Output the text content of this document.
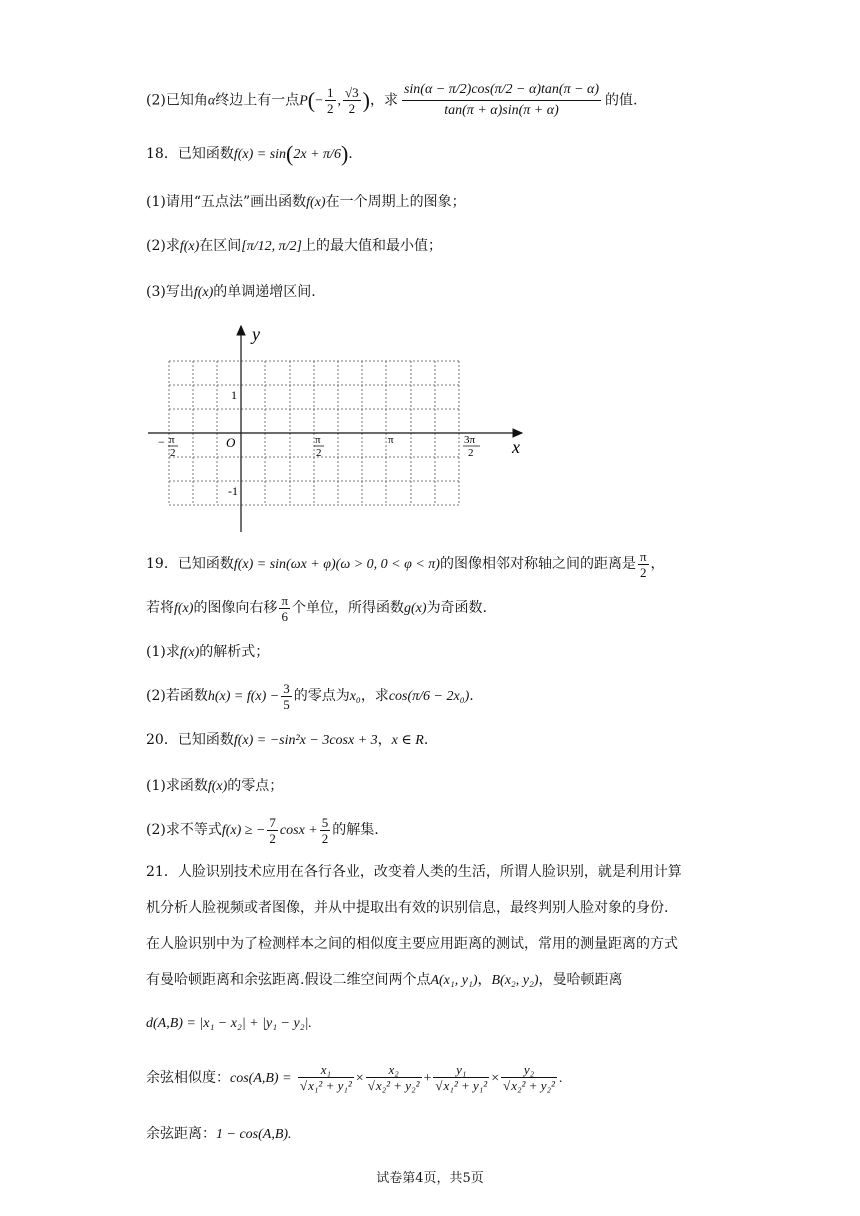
(2)已知角α终边上有一点$P(- \frac{1}{2}$ , $\frac{√3}{2}$ )，求 $\frac{\sin(\alpha - \pi/2)\cos(\pi/2 - \alpha)\tan(\pi - \alpha)}{\tan(\pi + \alpha)\sin(\pi + \alpha)}$ 的值.
18．已知函数f(x) = sin(2x + π/6).
(1)请用“五点法”画出函数f(x)在一个周期上的图象；
(2)求f(x)在区间[π/12, π/2]上的最大值和最小值；
(3)写出f(x)的单调递增区间.
y
x
O
1
-1
− π
2
π
2
π	3π
2
19．已知函数f(x) = sin(ωx + φ)(ω > 0, 0 < φ < π)的图像相邻对称轴之间的距离是 $\frac{\pi}{2}$ ，
若将f(x)的图像向右移 $\frac{\pi}{6}$ 个单位，所得函数g(x)为奇函数.
(1)求f(x)的解析式；
(2)若函数$h(x) = f(x) - \frac{3}{5}$ 的零点为x₀，求cos(π/6 − 2x₀).
20．已知函数f(x) = −sin²x − 3cosx + 3，x ∈ R.
(1)求函数f(x)的零点；
(2)求不等式f(x) ≥ − $\frac{7}{2}$ $\cos x + \frac{5}{2}$ 的解集.
21．人脸识别技术应用在各行各业，改变着人类的生活，所谓人脸识别，就是利用计算
机分析人脸视频或者图像，并从中提取出有效的识别信息，最终判别人脸对象的身份.
在人脸识别中为了检测样本之间的相似度主要应用距离的测试，常用的测量距离的方式
有曼哈顿距离和余弦距离.假设二维空间两个点A(x₁, y₁)，B(x₂, y₂)，曼哈顿距离
d(A,B) = |x₁ − x₂| + |y₁ − y₂|.
余弦相似度：$\cos(A,B) = \frac{\text{x₁}}{\text{√x₁² + y₁²}} \times \frac{\text{x₂}}{\text{√x₂² + y₂²}} + \frac{\text{y₁}}{\text{√x₁² + y₁²}} \times \frac{\text{y₂}}{\text{√x₂² + y₂²}}$ .
余弦距离：1 − cos(A,B).
试卷第4页，共5页
